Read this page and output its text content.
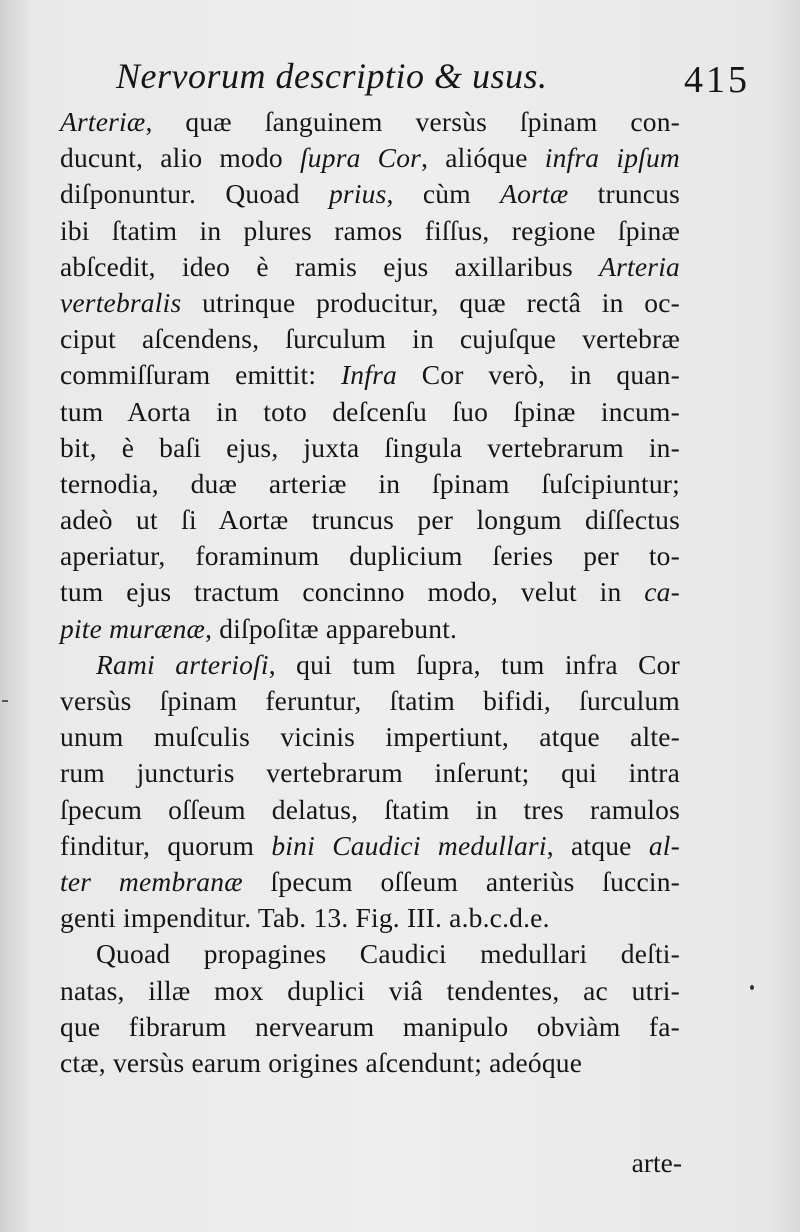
Nervorum descriptio & usus.	415
Arteriæ, quæ ſanguinem versùs ſpinam con-
ducunt, alio modo ſupra Cor, alióque infra ipſum
diſponuntur. Quoad prius, cùm Aortæ truncus
ibi ſtatim in plures ramos fiſſus, regione ſpinæ
abſcedit, ideo è ramis ejus axillaribus Arteria
vertebralis utrinque producitur, quæ rectâ in oc-
ciput aſcendens, ſurculum in cujuſque vertebræ
commiſſuram emittit: Infra Cor verò, in quan-
tum Aorta in toto deſcenſu ſuo ſpinæ incum-
bit, è baſi ejus, juxta ſingula vertebrarum in-
ternodia, duæ arteriæ in ſpinam ſuſcipiuntur;
adeò ut ſi Aortæ truncus per longum diſſectus
aperiatur, foraminum duplicium ſeries per to-
tum ejus tractum concinno modo, velut in ca-
pite murænæ, diſpoſitæ apparebunt.
Rami arterioſi, qui tum ſupra, tum infra Cor
versùs ſpinam feruntur, ſtatim bifidi, ſurculum
unum muſculis vicinis impertiunt, atque alte-
rum juncturis vertebrarum inſerunt; qui intra
ſpecum oſſeum delatus, ſtatim in tres ramulos
finditur, quorum bini Caudici medullari, atque al-
ter membranæ ſpecum oſſeum anteriùs ſuccin-
genti impenditur. Tab. 13. Fig. III. a.b.c.d.e.
Quoad propagines Caudici medullari deſti-
natas, illæ mox duplici viâ tendentes, ac utri-
que fibrarum nervearum manipulo obviàm fa-
ctæ, versùs earum origines aſcendunt; adeóque
arte-
